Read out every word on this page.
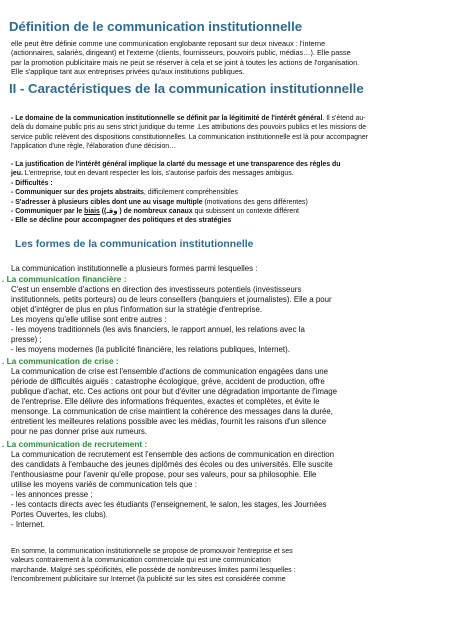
Définition de le communication institutionnelle

elle peut être définie comme une communication englobante reposant sur deux niveaux : l'interne

(actionnaires, salariés, dirigeant) et l'externe (clients, fournisseurs, pouvoirs public, médias…). Elle passe

par la promotion publicitaire mais ne peut se réserver à cela et se joint à toutes les actions de l'organisation.

Elle s'applique tant aux entreprises privées qu'aux institutions publiques.

II - Caractéristiques de la communication institutionnelle

- Le domaine de la communication institutionnelle se définit par la légitimité de l'intérêt général. Il s'étend au-

delà du domaine public pris au sens strict juridique du terme .Les attributions des pouvoirs publics et les missions de

service public relèvent des dispositions constitutionnelles. La communication institutionnelle est là pour accompagner

l'application d'une règle, l'élaboration d'une décision…

- La justification de l'intérêt général implique la clarté du message et une transparence des règles du

jeu. L'entreprise, tout en devant respecter les lois, s'autorise parfois des messages ambigus.

- Difficultés :

- Communiquer sur des projets abstraits, difficilement compréhensibles

- S'adresser à plusieurs cibles dont une au visage multiple (motivations des gens différentes)

- Communiquer par le biais ((وقـ ) de nombreux canaux qui subissent un contexte différent

- Elle se décline pour accompagner des politiques et des stratégies

Les formes de la communication institutionnelle

La communication institutionnelle a plusieurs formes parmi lesquelles :

. La communication financière :

C'est un ensemble d'actions en direction des investisseurs potentiels (investisseurs

institutionnels, petits porteurs) ou de leurs conseillers (banquiers et journalistes). Elle a pour

objet d'intégrer de plus en plus l'information sur la stratégie d'entreprise.

Les moyens qu'elle utilise sont entre autres :

- les moyens traditionnels (les avis financiers, le rapport annuel, les relations avec la

presse) ;

- les moyens modernes (la publicité financière, les relations publiques, Internet).

. La communication de crise :

La communication de crise est l'ensemble d'actions de communication engagées dans une

période de difficultés aiguës : catastrophe écologique, grève, accident de production, offre

publique d'achat, etc. Ces actions ont pour but d'éviter une dégradation importante de l'image

de l'entreprise. Elle délivre des informations fréquentes, exactes et complètes, et évite le

mensonge. La communication de crise maintient la cohérence des messages dans la durée,

entretient les meilleures relations possible avec les médias, fournit les raisons d'un silence

pour ne pas donner prise aux rumeurs.

. La communication de recrutement :

La communication de recrutement est l'ensemble des actions de communication en direction

des candidats à l'embauche des jeunes diplômés des écoles ou des universités. Elle suscite

l'enthousiasme pour l'avenir qu'elle propose, pour ses valeurs, pour sa philosophie. Elle

utilise les moyens variés de communication tels que :

- les annonces presse ;

- les contacts directs avec les étudiants (l'enseignement, le salon, les stages, les Journées

Portes Ouvertes, les clubs).

- Internet.

En somme, la communication institutionnelle se propose de promouvoir l'entreprise et ses

valeurs contrairement à la communication commerciale qui est une communication

marchande. Malgré ses spécificités, elle possède de nombreuses limites parmi lesquelles :

l'encombrement publicitaire sur Internet (la publicité sur les sites est considérée comme
